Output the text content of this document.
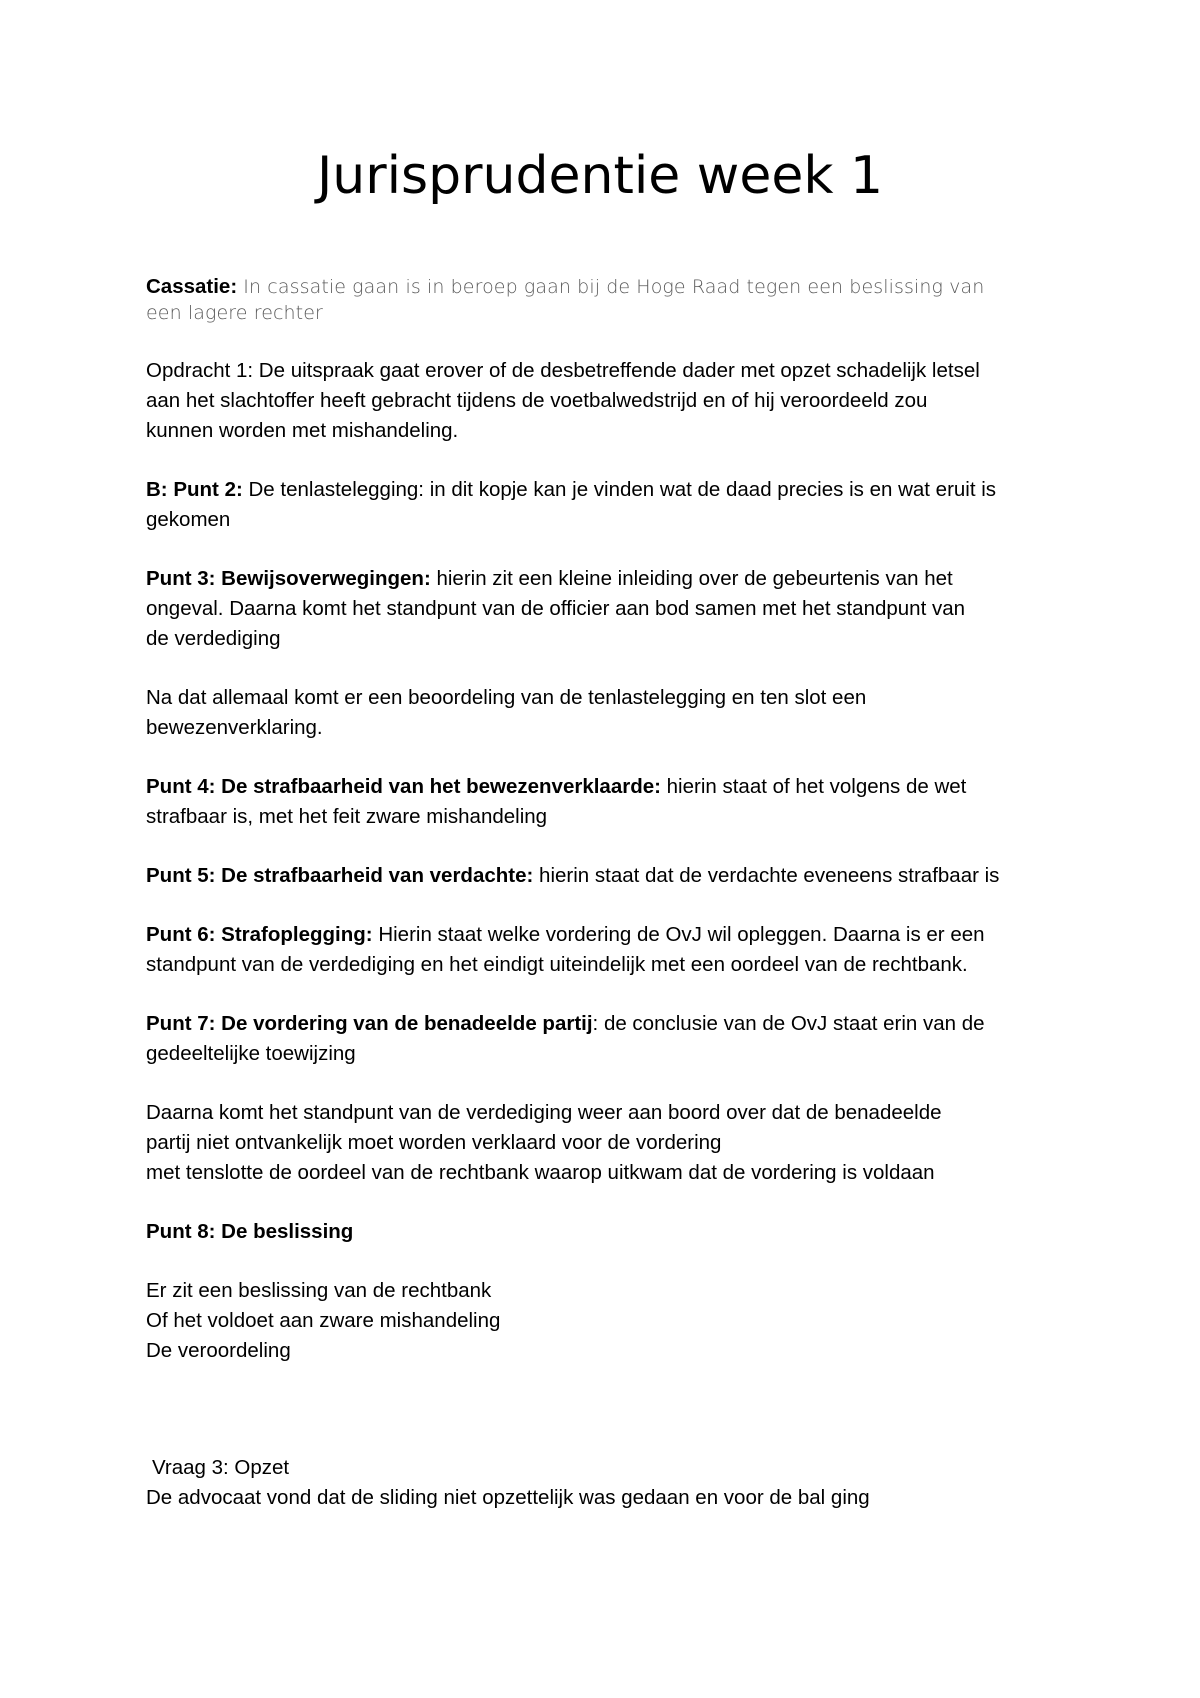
Jurisprudentie week 1
Cassatie: In cassatie gaan is in beroep gaan bij de Hoge Raad tegen een beslissing van
een lagere rechter
Opdracht 1: De uitspraak gaat erover of de desbetreffende dader met opzet schadelijk letsel
aan het slachtoffer heeft gebracht tijdens de voetbalwedstrijd en of hij veroordeeld zou
kunnen worden met mishandeling.
B: Punt 2: De tenlastelegging: in dit kopje kan je vinden wat de daad precies is en wat eruit is
gekomen
Punt 3: Bewijsoverwegingen: hierin zit een kleine inleiding over de gebeurtenis van het
ongeval. Daarna komt het standpunt van de officier aan bod samen met het standpunt van
de verdediging
Na dat allemaal komt er een beoordeling van de tenlastelegging en ten slot een
bewezenverklaring.
Punt 4: De strafbaarheid van het bewezenverklaarde: hierin staat of het volgens de wet
strafbaar is, met het feit zware mishandeling
Punt 5: De strafbaarheid van verdachte: hierin staat dat de verdachte eveneens strafbaar is
Punt 6: Strafoplegging: Hierin staat welke vordering de OvJ wil opleggen. Daarna is er een
standpunt van de verdediging en het eindigt uiteindelijk met een oordeel van de rechtbank.
Punt 7: De vordering van de benadeelde partij: de conclusie van de OvJ staat erin van de
gedeeltelijke toewijzing
Daarna komt het standpunt van de verdediging weer aan boord over dat de benadeelde
partij niet ontvankelijk moet worden verklaard voor de vordering
met tenslotte de oordeel van de rechtbank waarop uitkwam dat de vordering is voldaan
Punt 8: De beslissing
Er zit een beslissing van de rechtbank
Of het voldoet aan zware mishandeling
De veroordeling
Vraag 3: Opzet
De advocaat vond dat de sliding niet opzettelijk was gedaan en voor de bal ging
